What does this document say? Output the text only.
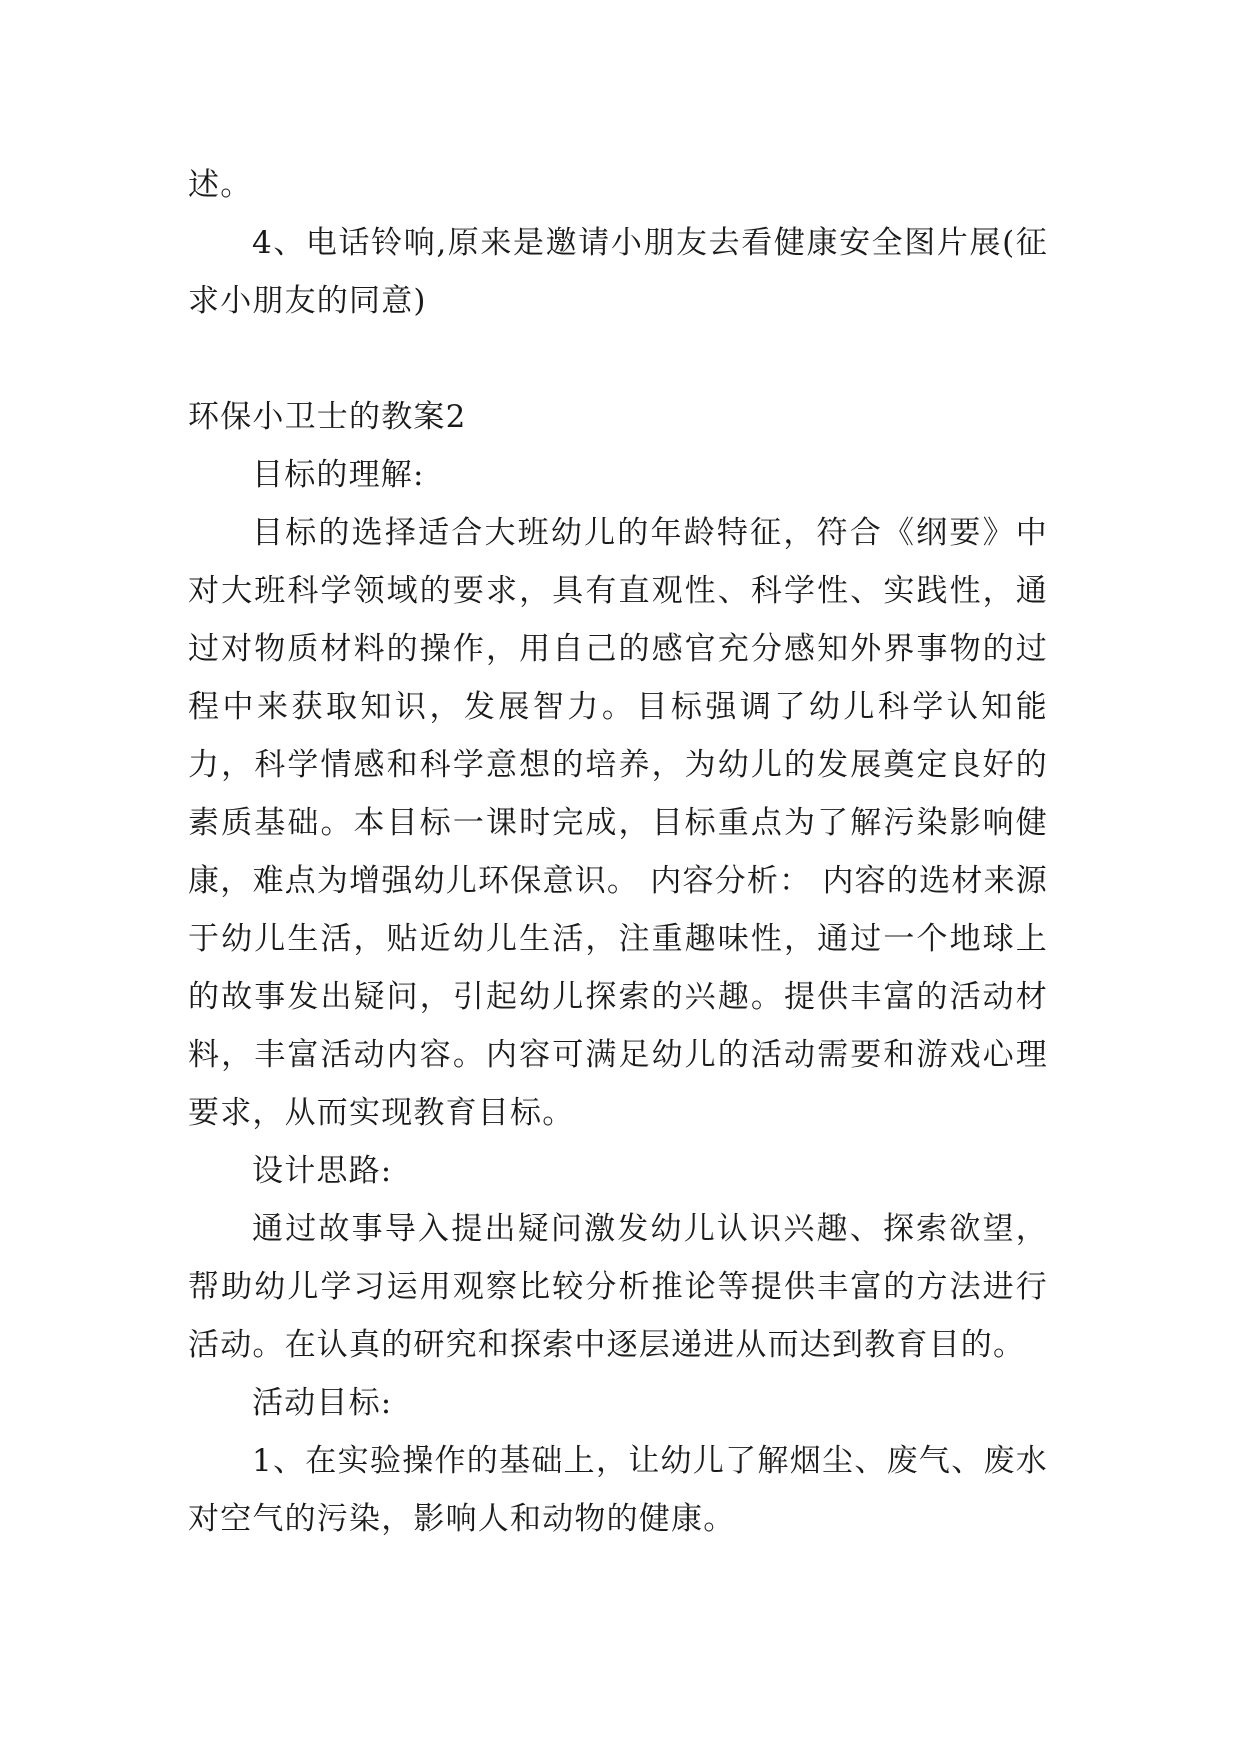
述。

4、电话铃响,原来是邀请小朋友去看健康安全图片展(征求小朋友的同意)

环保小卫士的教案2

目标的理解:

目标的选择适合大班幼儿的年龄特征，符合《纲要》中对大班科学领域的要求，具有直观性、科学性、实践性，通过对物质材料的操作，用自己的感官充分感知外界事物的过程中来获取知识，发展智力。目标强调了幼儿科学认知能力，科学情感和科学意想的培养，为幼儿的发展奠定良好的素质基础。本目标一课时完成，目标重点为了解污染影响健康，难点为增强幼儿环保意识。 内容分析： 内容的选材来源于幼儿生活，贴近幼儿生活，注重趣味性，通过一个地球上的故事发出疑问，引起幼儿探索的兴趣。提供丰富的活动材料，丰富活动内容。内容可满足幼儿的活动需要和游戏心理要求，从而实现教育目标。

设计思路:

通过故事导入提出疑问激发幼儿认识兴趣、探索欲望，帮助幼儿学习运用观察比较分析推论等提供丰富的方法进行活动。在认真的研究和探索中逐层递进从而达到教育目的。

活动目标:

1、在实验操作的基础上，让幼儿了解烟尘、废气、废水对空气的污染，影响人和动物的健康。
